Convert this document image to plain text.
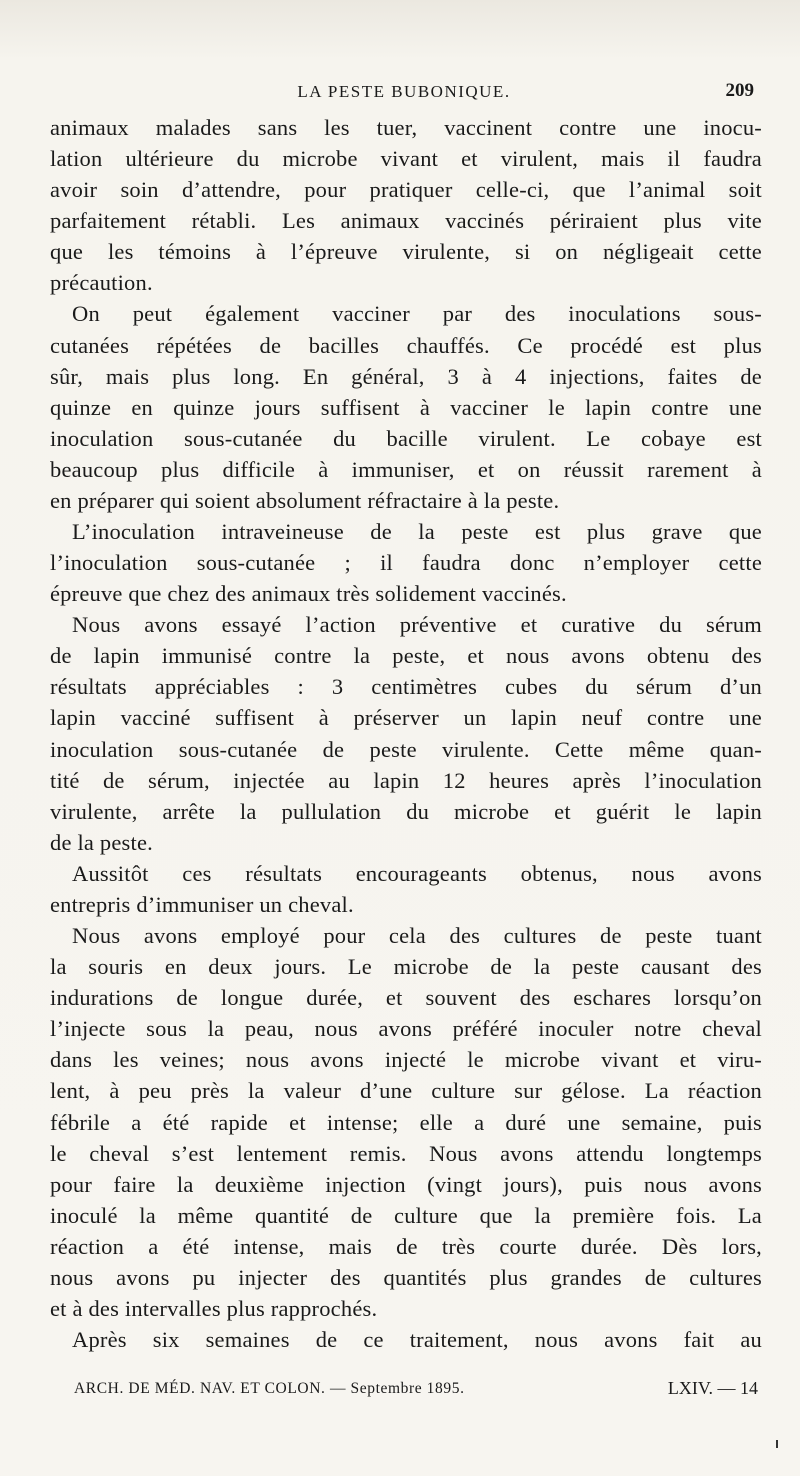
LA PESTE BUBONIQUE.	209
animaux malades sans les tuer, vaccinent contre une inocu-
lation ultérieure du microbe vivant et virulent, mais il faudra
avoir soin d’attendre, pour pratiquer celle-ci, que l’animal soit
parfaitement rétabli. Les animaux vaccinés périraient plus vite
que les témoins à l’épreuve virulente, si on négligeait cette
précaution.
On peut également vacciner par des inoculations sous-
cutanées répétées de bacilles chauffés. Ce procédé est plus
sûr, mais plus long. En général, 3 à 4 injections, faites de
quinze en quinze jours suffisent à vacciner le lapin contre une
inoculation sous-cutanée du bacille virulent. Le cobaye est
beaucoup plus difficile à immuniser, et on réussit rarement à
en préparer qui soient absolument réfractaire à la peste.
L’inoculation intraveineuse de la peste est plus grave que
l’inoculation sous-cutanée ; il faudra donc n’employer cette
épreuve que chez des animaux très solidement vaccinés.
Nous avons essayé l’action préventive et curative du sérum
de lapin immunisé contre la peste, et nous avons obtenu des
résultats appréciables : 3 centimètres cubes du sérum d’un
lapin vacciné suffisent à préserver un lapin neuf contre une
inoculation sous-cutanée de peste virulente. Cette même quan-
tité de sérum, injectée au lapin 12 heures après l’inoculation
virulente, arrête la pullulation du microbe et guérit le lapin
de la peste.
Aussitôt ces résultats encourageants obtenus, nous avons
entrepris d’immuniser un cheval.
Nous avons employé pour cela des cultures de peste tuant
la souris en deux jours. Le microbe de la peste causant des
indurations de longue durée, et souvent des eschares lorsqu’on
l’injecte sous la peau, nous avons préféré inoculer notre cheval
dans les veines; nous avons injecté le microbe vivant et viru-
lent, à peu près la valeur d’une culture sur gélose. La réaction
fébrile a été rapide et intense; elle a duré une semaine, puis
le cheval s’est lentement remis. Nous avons attendu longtemps
pour faire la deuxième injection (vingt jours), puis nous avons
inoculé la même quantité de culture que la première fois. La
réaction a été intense, mais de très courte durée. Dès lors,
nous avons pu injecter des quantités plus grandes de cultures
et à des intervalles plus rapprochés.
Après six semaines de ce traitement, nous avons fait au
ARCH. DE MÉD. NAV. ET COLON. — Septembre 1895.	LXIV. — 14
